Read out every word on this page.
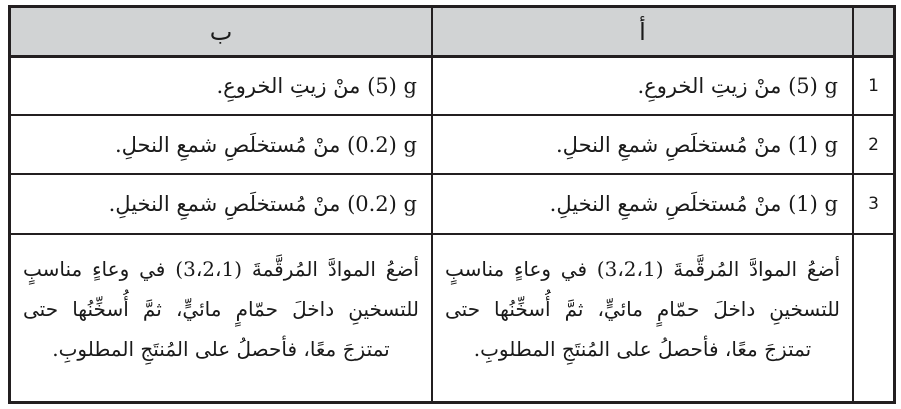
أ
ب
1
g ‏(5) منْ زيتِ الخروعِ.
g ‏(5) منْ زيتِ الخروعِ.
2
g ‏(1) منْ مُستخلَصِ شمعِ النحلِ.
g ‏(0.2) منْ مُستخلَصِ شمعِ النحلِ.
3
g ‏(1) منْ مُستخلَصِ شمعِ النخيلِ.
g ‏(0.2) منْ مُستخلَصِ شمعِ النخيلِ.
أضعُ الموادَّ المُرقَّمةَ (⁦3،2،1⁩) في وعاءٍ مناسبٍ للتسخينِ داخلَ حمّامٍ مائيٍّ، ثمَّ أُسخِّنُها حتى تمتزجَ معًا، فأحصلُ على المُنتَجِ المطلوبِ.
أضعُ الموادَّ المُرقَّمةَ (⁦3،2،1⁩) في وعاءٍ مناسبٍ للتسخينِ داخلَ حمّامٍ مائيٍّ، ثمَّ أُسخِّنُها حتى تمتزجَ معًا، فأحصلُ على المُنتَجِ المطلوبِ.
